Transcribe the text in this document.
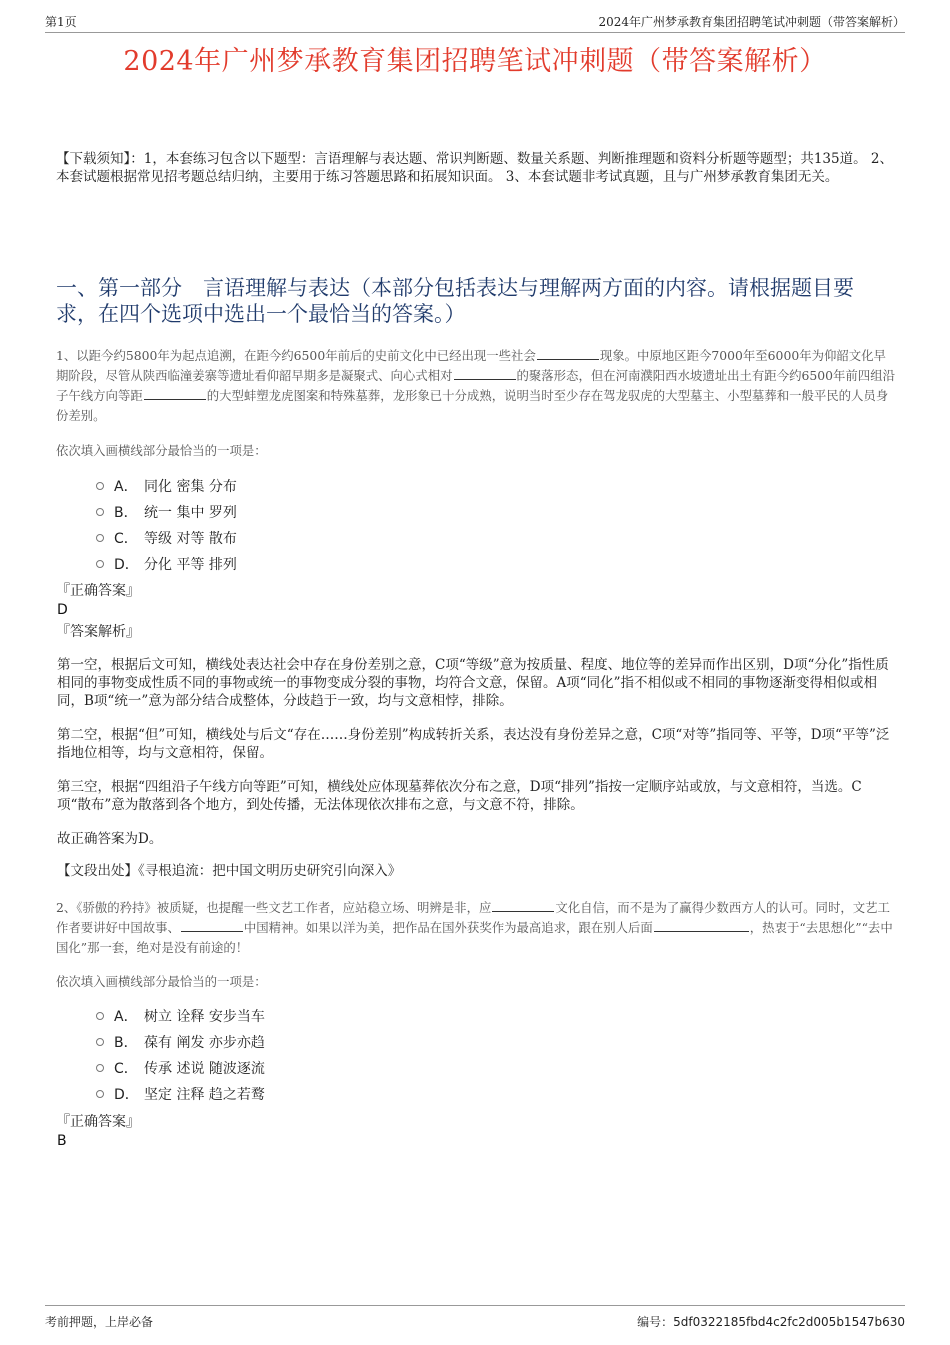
第1页	2024年广州梦承教育集团招聘笔试冲刺题（带答案解析）
2024年广州梦承教育集团招聘笔试冲刺题（带答案解析）
【下载须知】：1，本套练习包含以下题型：言语理解与表达题、常识判断题、数量关系题、判断推理题和资料分析题等题型；共135道。 2、本套试题根据常见招考题总结归纳，主要用于练习答题思路和拓展知识面。 3、本套试题非考试真题，且与广州梦承教育集团无关。
一、第一部分　言语理解与表达（本部分包括表达与理解两方面的内容。请根据题目要求，在四个选项中选出一个最恰当的答案。）
1、以距今约5800年为起点追溯，在距今约6500年前后的史前文化中已经出现一些社会	现象。中原地区距今7000年至6000年为仰韶文化早期阶段，尽管从陕西临潼姜寨等遗址看仰韶早期多是凝聚式、向心式相对	的聚落形态，但在河南濮阳西水坡遗址出土有距今约6500年前四组沿子午线方向等距	的大型蚌塑龙虎图案和特殊墓葬，龙形象已十分成熟，说明当时至少存在驾龙驭虎的大型墓主、小型墓葬和一般平民的人员身份差别。
依次填入画横线部分最恰当的一项是：
A． 同化 密集 分布
B． 统一 集中 罗列
C． 等级 对等 散布
D． 分化 平等 排列
『正确答案』
D
『答案解析』

第一空，根据后文可知，横线处表达社会中存在身份差别之意，C项“等级”意为按质量、程度、地位等的差异而作出区别，D项“分化”指性质相同的事物变成性质不同的事物或统一的事物变成分裂的事物，均符合文意，保留。A项“同化”指不相似或不相同的事物逐渐变得相似或相同，B项“统一”意为部分结合成整体，分歧趋于一致，均与文意相悖，排除。

第二空，根据“但”可知，横线处与后文“存在……身份差别”构成转折关系，表达没有身份差异之意，C项“对等”指同等、平等，D项“平等”泛指地位相等，均与文意相符，保留。

第三空，根据“四组沿子午线方向等距”可知，横线处应体现墓葬依次分布之意，D项“排列”指按一定顺序站或放，与文意相符，当选。C项“散布”意为散落到各个地方，到处传播，无法体现依次排布之意，与文意不符，排除。

故正确答案为D。

【文段出处】《寻根追流：把中国文明历史研究引向深入》

2、《骄傲的矜持》被质疑，也提醒一些文艺工作者，应站稳立场、明辨是非，应	文化自信，而不是为了赢得少数西方人的认可。同时，文艺工作者要讲好中国故事、	中国精神。如果以洋为美，把作品在国外获奖作为最高追求，跟在别人后面	，热衷于“去思想化”“去中国化”那一套，绝对是没有前途的！
依次填入画横线部分最恰当的一项是：
A． 树立 诠释 安步当车
B． 葆有 阐发 亦步亦趋
C． 传承 述说 随波逐流
D． 坚定 注释 趋之若鹜
『正确答案』
B
考前押题，上岸必备	编号：5df0322185fbd4c2fc2d005b1547b630
